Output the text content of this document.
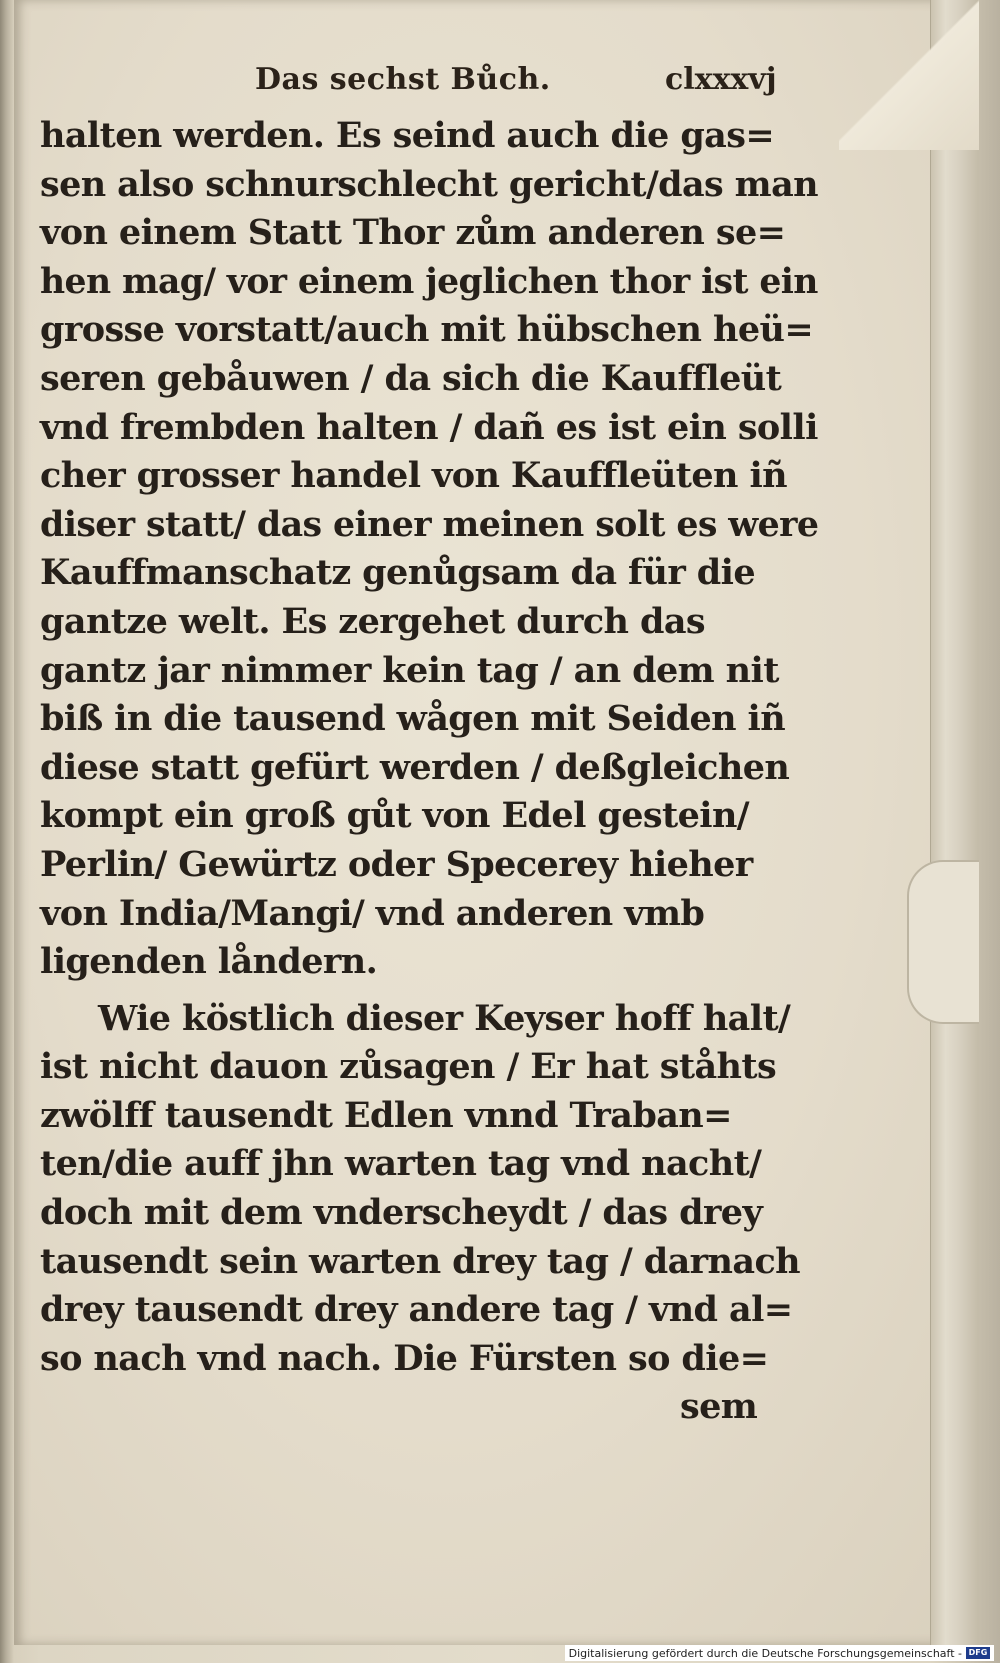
Das sechst Bůch.	clxxxvj
halten werden. Es seind auch die gas=
sen also schnurschlecht gericht/das man
von einem Statt Thor zům anderen se=
hen mag/ vor einem jeglichen thor ist ein
grosse vorstatt/auch mit hübschen heü=
seren gebåuwen / da sich die Kauffleüt
vnd frembden halten / dañ es ist ein solli
cher grosser handel von Kauffleüten iñ
diser statt/ das einer meinen solt es were
Kauffmanschatz genůgsam da für die
gantze welt. Es zergehet durch das
gantz jar nimmer kein tag / an dem nit
biß in die tausend wågen mit Seiden iñ
diese statt gefürt werden / deßgleichen
kompt ein groß gůt von Edel gestein/
Perlin/ Gewürtz oder Specerey hieher
von India/Mangi/ vnd anderen vmb
ligenden låndern.
Wie köstlich dieser Keyser hoff halt/
ist nicht dauon zůsagen / Er hat ståhts
zwölff tausendt Edlen vnnd Traban=
ten/die auff jhn warten tag vnd nacht/
doch mit dem vnderscheydt / das drey
tausendt sein warten drey tag / darnach
drey tausendt drey andere tag / vnd al=
so nach vnd nach. Die Fürsten so die=
sem
Digitalisierung gefördert durch die Deutsche Forschungsgemeinschaft - DFG
